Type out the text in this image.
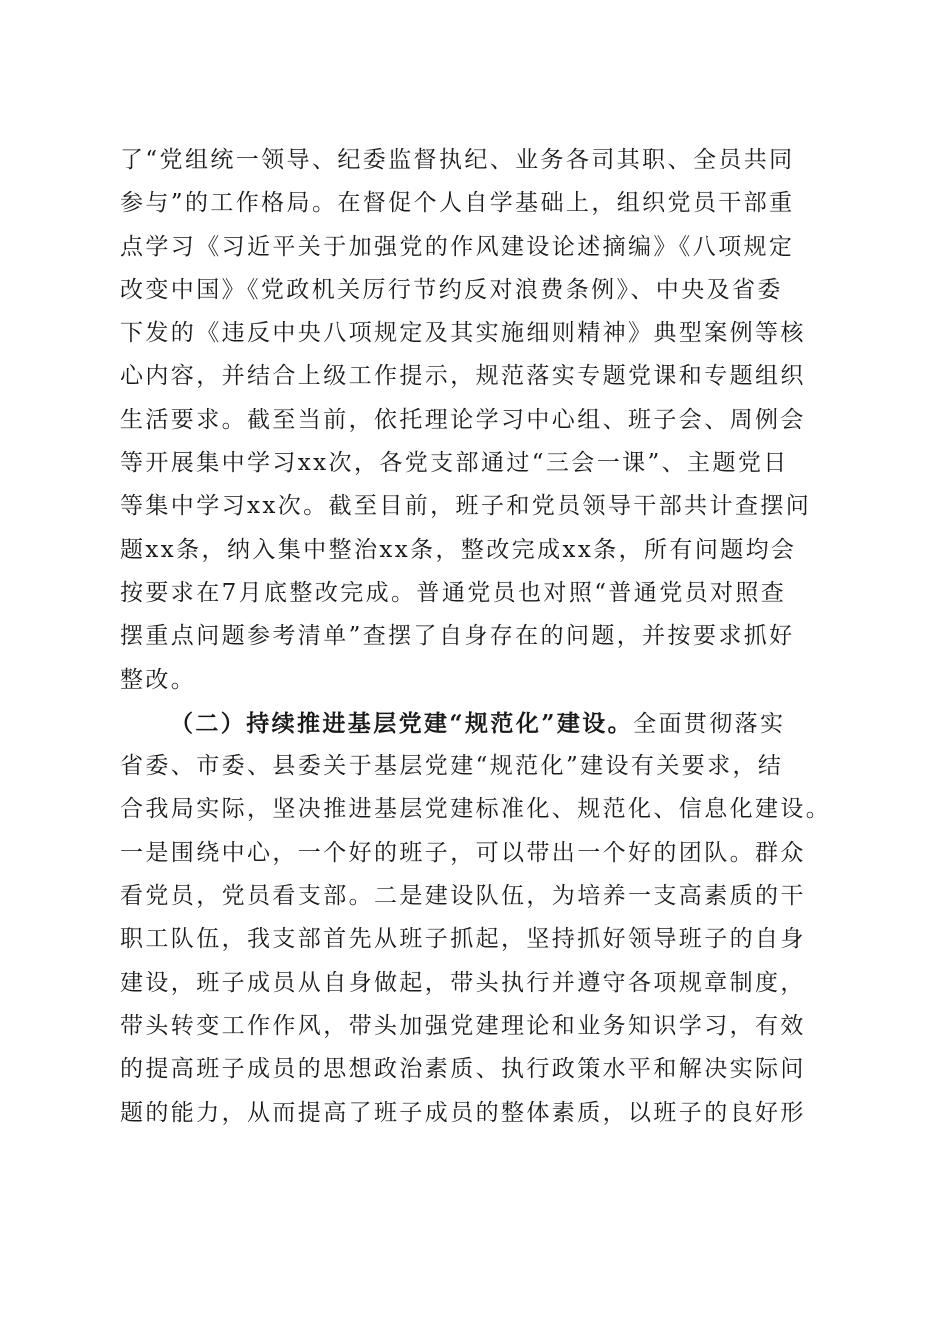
了“党组统一领导、纪委监督执纪、业务各司其职、全员共同
参与”的工作格局。在督促个人自学基础上，组织党员干部重
点学习《习近平关于加强党的作风建设论述摘编》《八项规定
改变中国》《党政机关厉行节约反对浪费条例》、中央及省委
下发的《违反中央八项规定及其实施细则精神》典型案例等核
心内容，并结合上级工作提示，规范落实专题党课和专题组织
生活要求。截至当前，依托理论学习中心组、班子会、周例会
等开展集中学习xx次，各党支部通过“三会一课”、主题党日
等集中学习xx次。截至目前，班子和党员领导干部共计查摆问
题xx条，纳入集中整治xx条，整改完成xx条，所有问题均会
按要求在7月底整改完成。普通党员也对照“普通党员对照查
摆重点问题参考清单”查摆了自身存在的问题，并按要求抓好
整改。
（二）持续推进基层党建“规范化”建设。全面贯彻落实
省委、市委、县委关于基层党建“规范化”建设有关要求，结
合我局实际，坚决推进基层党建标准化、规范化、信息化建设。
一是围绕中心，一个好的班子，可以带出一个好的团队。群众
看党员，党员看支部。二是建设队伍，为培养一支高素质的干
职工队伍，我支部首先从班子抓起，坚持抓好领导班子的自身
建设，班子成员从自身做起，带头执行并遵守各项规章制度，
带头转变工作作风，带头加强党建理论和业务知识学习，有效
的提高班子成员的思想政治素质、执行政策水平和解决实际问
题的能力，从而提高了班子成员的整体素质，以班子的良好形
